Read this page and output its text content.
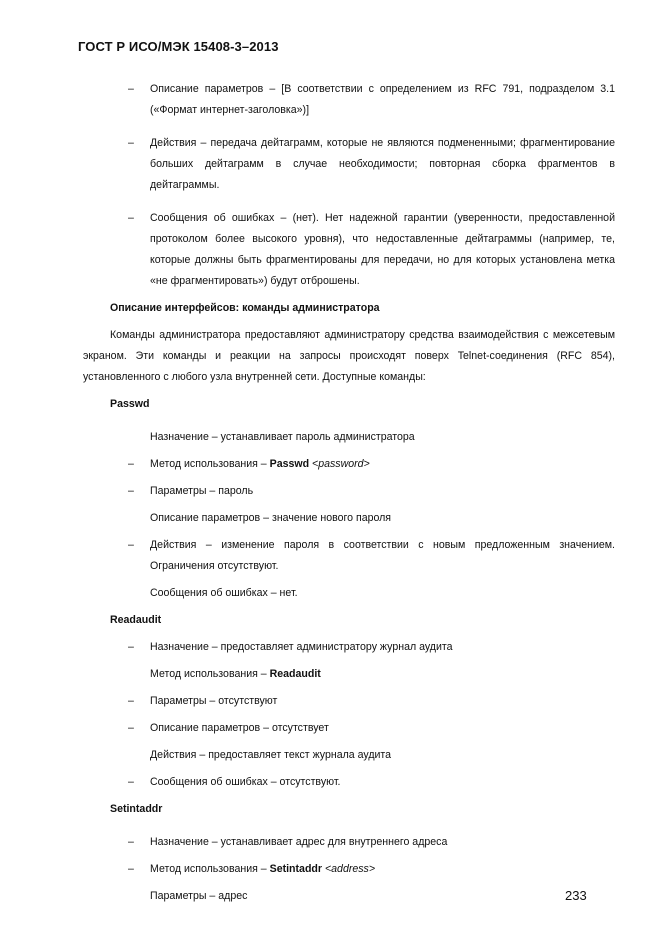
ГОСТ Р ИСО/МЭК 15408-3–2013
– Описание параметров – [В соответствии с определением из RFC 791, подразделом 3.1 («Формат интернет-заголовка»)]
– Действия – передача дейтаграмм, которые не являются подмененными; фрагментирование больших дейтаграмм в случае необходимости; повторная сборка фрагментов в дейтаграммы.
– Сообщения об ошибках – (нет). Нет надежной гарантии (уверенности, предоставленной протоколом более высокого уровня), что недоставленные дейтаграммы (например, те, которые должны быть фрагментированы для передачи, но для которых установлена метка «не фрагментировать») будут отброшены.
Описание интерфейсов: команды администратора
Команды администратора предоставляют администратору средства взаимодействия с межсетевым экраном. Эти команды и реакции на запросы происходят поверх Telnet-соединения (RFC 854), установленного с любого узла внутренней сети. Доступные команды:
Passwd
Назначение – устанавливает пароль администратора
– Метод использования – Passwd <password>
– Параметры – пароль
Описание параметров – значение нового пароля
– Действия – изменение пароля в соответствии с новым предложенным значением. Ограничения отсутствуют.
Сообщения об ошибках – нет.
Readaudit
– Назначение – предоставляет администратору журнал аудита
Метод использования – Readaudit
– Параметры – отсутствуют
– Описание параметров – отсутствует
Действия – предоставляет текст журнала аудита
– Сообщения об ошибках – отсутствуют.
Setintaddr
– Назначение – устанавливает адрес для внутреннего адреса
– Метод использования – Setintaddr <address>
Параметры – адрес	233
